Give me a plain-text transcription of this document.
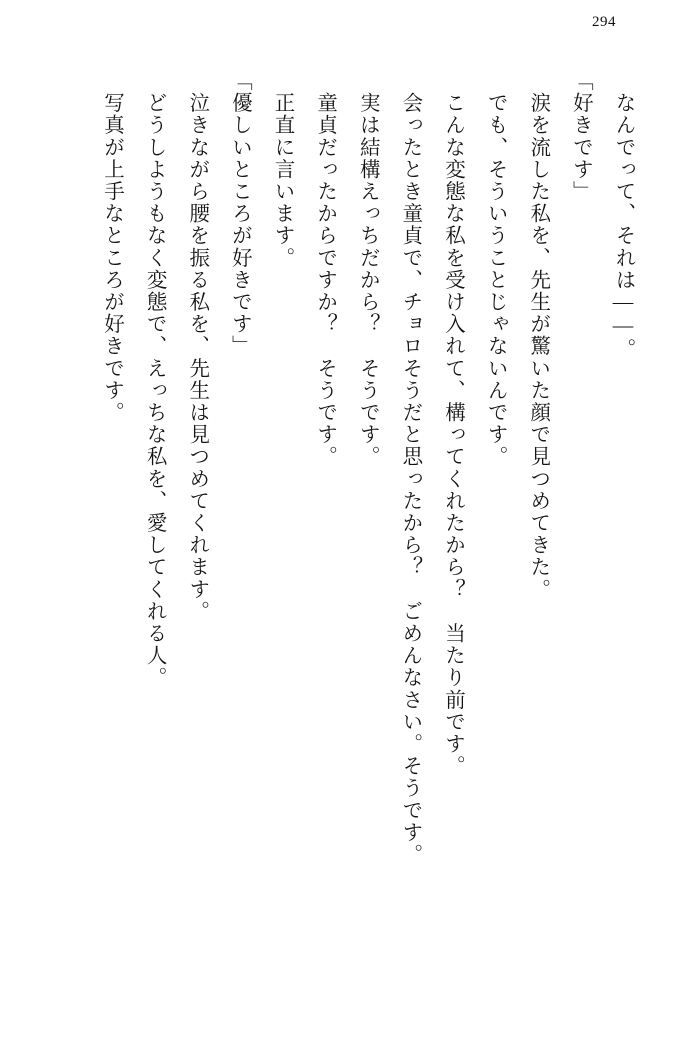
294
　なんでって、それは——。
「好きです」
　涙を流した私を、先生が驚いた顔で見つめてきた。
　でも、そういうことじゃないんです。
　こんな変態な私を受け入れて、構ってくれたから？　当たり前です。
　会ったとき童貞で、チョロそうだと思ったから？　ごめんなさい。そうです。
　実は結構えっちだから？　そうです。
　童貞だったからですか？　そうです。
　正直に言います。
「優しいところが好きです」
　泣きながら腰を振る私を、先生は見つめてくれます。
　どうしようもなく変態で、えっちな私を、愛してくれる人。
　写真が上手なところが好きです。
